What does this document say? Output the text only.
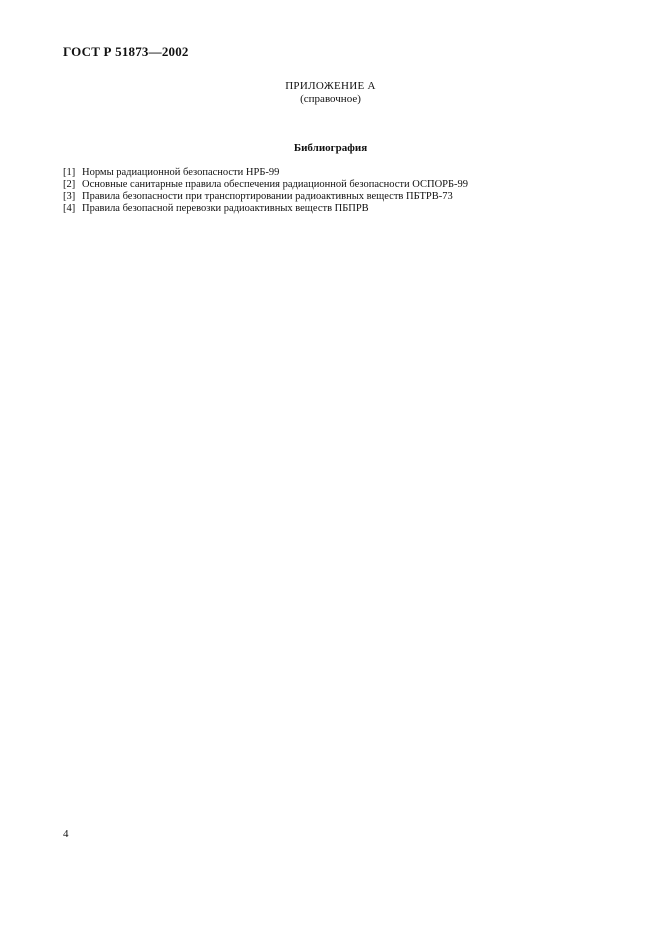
ГОСТ Р 51873—2002
ПРИЛОЖЕНИЕ А
(справочное)
Библиография
[1] Нормы радиационной безопасности НРБ-99
[2] Основные санитарные правила обеспечения радиационной безопасности ОСПОРБ-99
[3] Правила безопасности при транспортировании радиоактивных веществ ПБТРВ-73
[4] Правила безопасной перевозки радиоактивных веществ ПБПРВ
4
